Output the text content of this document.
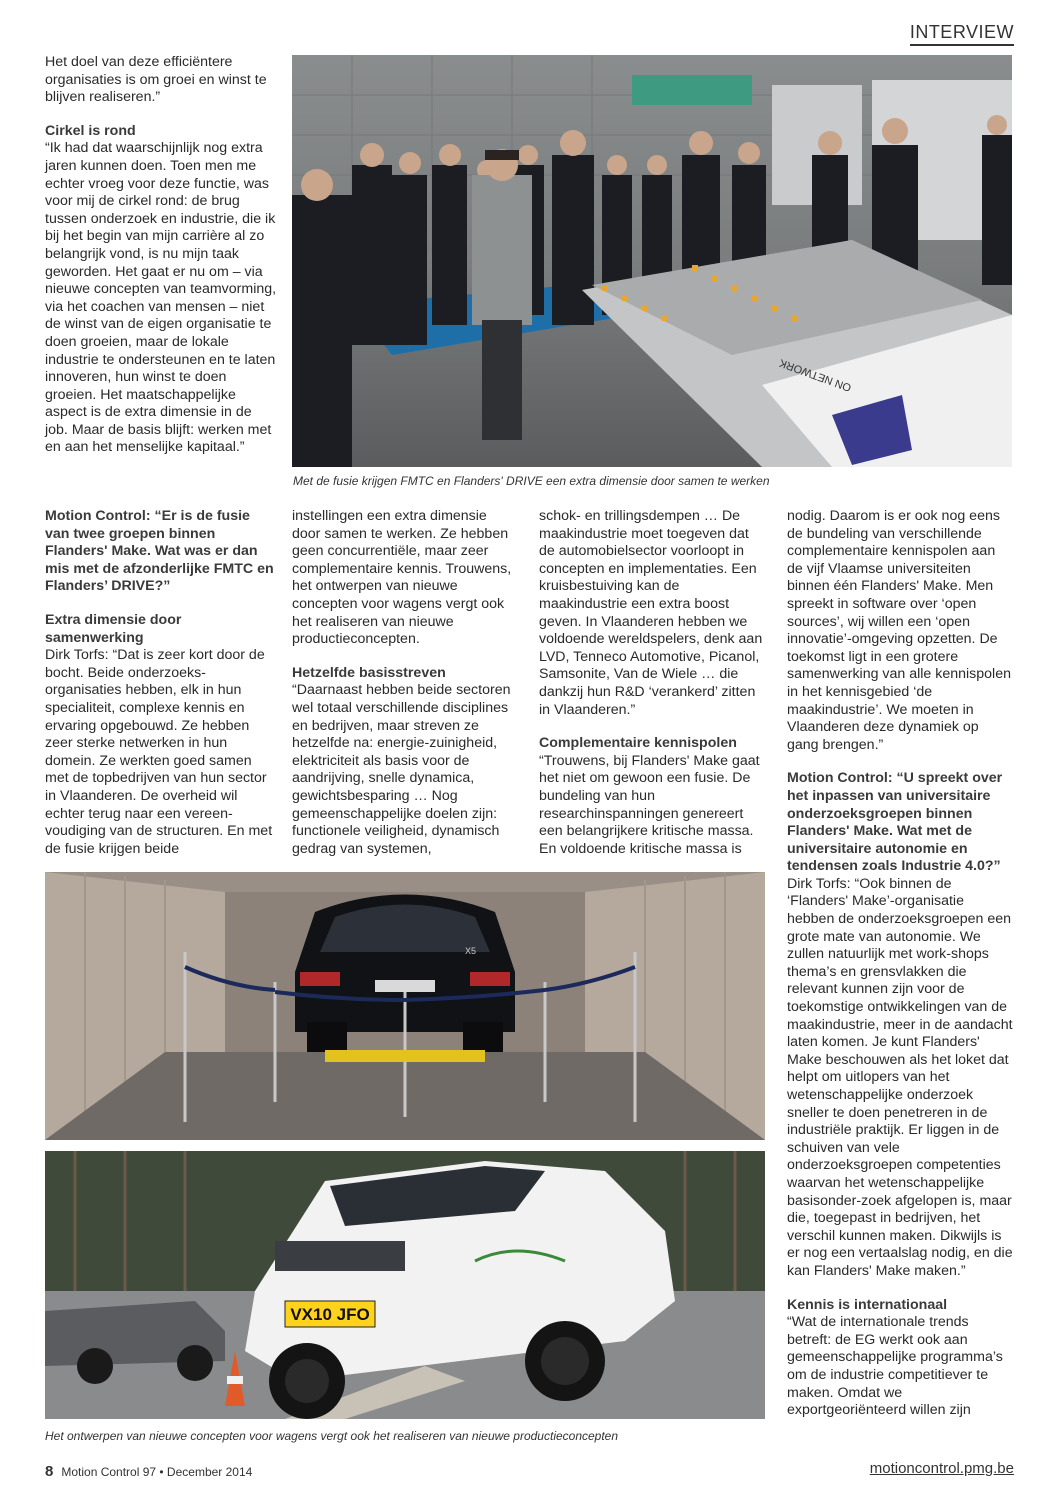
INTERVIEW

Het doel van deze efficiëntere organisaties is om groei en winst te blijven realiseren.”

Cirkel is rond

“Ik had dat waarschijnlijk nog extra jaren kunnen doen. Toen men me echter vroeg voor deze functie, was voor mij de cirkel rond: de brug tussen onderzoek en industrie, die ik bij het begin van mijn carrière al zo belangrijk vond, is nu mijn taak geworden. Het gaat er nu om – via nieuwe concepten van teamvorming, via het coachen van mensen – niet de winst van de eigen organisatie te doen groeien, maar de lokale industrie te ondersteunen en te laten innoveren, hun winst te doen groeien. Het maatschappelijke aspect is de extra dimensie in de job. Maar de basis blijft: werken met en aan het menselijke kapitaal.”

ON NETWORK
Met de fusie krijgen FMTC en Flanders' DRIVE een extra dimensie door samen te werken
Motion Control: “Er is de fusie van twee groepen binnen Flanders' Make. Wat was er dan mis met de afzonderlijke FMTC en Flanders’ DRIVE?”
Extra dimensie door samenwerking

Dirk Torfs: “Dat is zeer kort door de bocht. Beide onderzoeks-organisaties hebben, elk in hun specialiteit, complexe kennis en ervaring opgebouwd. Ze hebben zeer sterke netwerken in hun domein. Ze werkten goed samen met de topbedrijven van hun sector in Vlaanderen. De overheid wil echter terug naar een vereen-voudiging van de structuren. En met de fusie krijgen beide

instellingen een extra dimensie door samen te werken. Ze hebben geen concurrentiële, maar zeer complementaire kennis. Trouwens, het ontwerpen van nieuwe concepten voor wagens vergt ook het realiseren van nieuwe productieconcepten.

Hetzelfde basisstreven

“Daarnaast hebben beide sectoren wel totaal verschillende disciplines en bedrijven, maar streven ze hetzelfde na: energie-zuinigheid, elektriciteit als basis voor de aandrijving, snelle dynamica, gewichtsbesparing … Nog gemeenschappelijke doelen zijn: functionele veiligheid, dynamisch gedrag van systemen,

schok- en trillingsdempen … De maakindustrie moet toegeven dat de automobielsector voorloopt in concepten en implementaties. Een kruisbestuiving kan de maakindustrie een extra boost geven. In Vlaanderen hebben we voldoende wereldspelers, denk aan LVD, Tenneco Automotive, Picanol, Samsonite, Van de Wiele … die dankzij hun R&D ‘verankerd’ zitten in Vlaanderen.”

Complementaire kennispolen

“Trouwens, bij Flanders' Make gaat het niet om gewoon een fusie. De bundeling van hun researchinspanningen genereert een belangrijkere kritische massa. En voldoende kritische massa is

nodig. Daarom is er ook nog eens de bundeling van verschillende complementaire kennispolen aan de vijf Vlaamse universiteiten binnen één Flanders' Make. Men spreekt in software over ‘open sources’, wij willen een ‘open innovatie’-omgeving opzetten. De toekomst ligt in een grotere samenwerking van alle kennispolen in het kennisgebied ‘de maakindustrie’. We moeten in Vlaanderen deze dynamiek op gang brengen.”

Motion Control: “U spreekt over het inpassen van universitaire onderzoeksgroepen binnen Flanders' Make. Wat met de universitaire autonomie en tendensen zoals Industrie 4.0?”

Dirk Torfs: “Ook binnen de ‘Flanders' Make’-organisatie hebben de onderzoeksgroepen een grote mate van autonomie. We zullen natuurlijk met work-shops thema’s en grensvlakken die relevant kunnen zijn voor de toekomstige ontwikkelingen van de maakindustrie, meer in de aandacht laten komen. Je kunt Flanders' Make beschouwen als het loket dat helpt om uitlopers van het wetenschappelijke onderzoek sneller te doen penetreren in de industriële praktijk. Er liggen in de schuiven van vele onderzoeksgroepen competenties waarvan het wetenschappelijke basisonder-zoek afgelopen is, maar die, toegepast in bedrijven, het verschil kunnen maken. Dikwijls is er nog een vertaalslag nodig, en die kan Flanders' Make maken.”

Kennis is internationaal

“Wat de internationale trends betreft: de EG werkt ook aan gemeenschappelijke programma’s om de industrie competitiever te maken. Omdat we exportgeoriënteerd willen zijn

X5
VX10 JFO
Het ontwerpen van nieuwe concepten voor wagens vergt ook het realiseren van nieuwe productieconcepten
8 Motion Control 97 • December 2014	motioncontrol.pmg.be
